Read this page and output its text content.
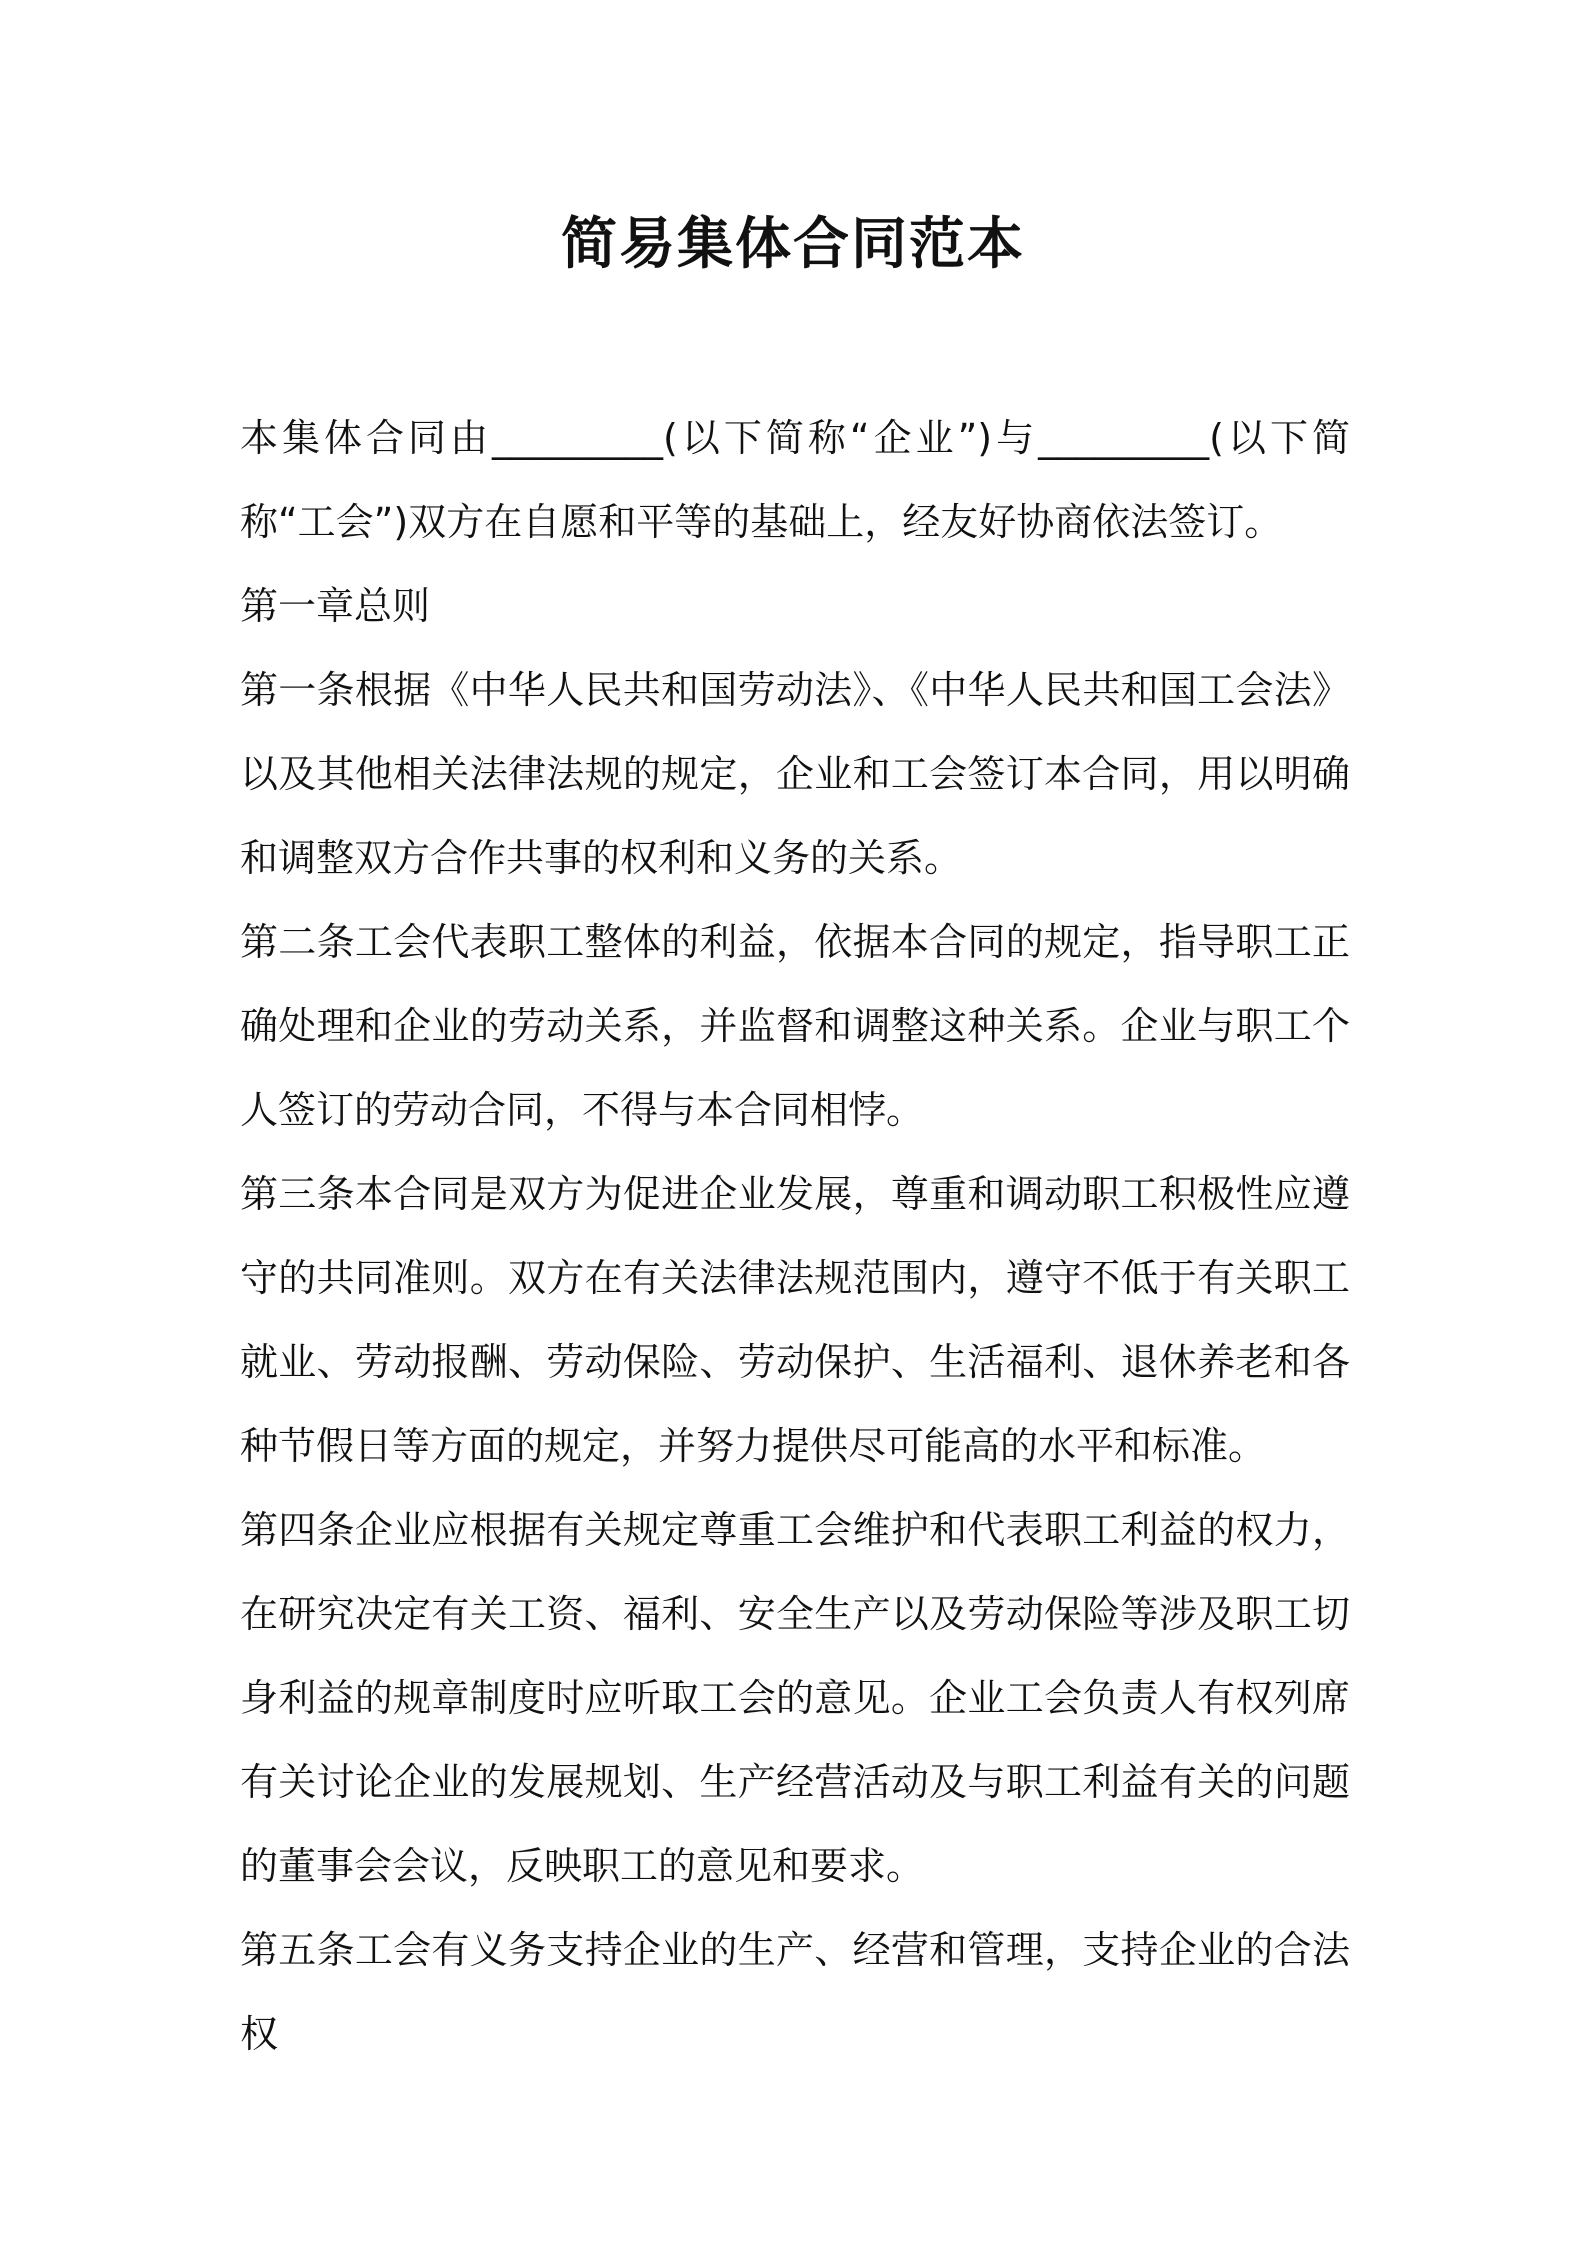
简易集体合同范本

本集体合同由_________(以下简称“企业”)与_________(以下简称“工会”)双方在自愿和平等的基础上，经友好协商依法签订。

第一章总则

第一条根据《中华人民共和国劳动法》、《中华人民共和国工会法》以及其他相关法律法规的规定，企业和工会签订本合同，用以明确和调整双方合作共事的权利和义务的关系。

第二条工会代表职工整体的利益，依据本合同的规定，指导职工正确处理和企业的劳动关系，并监督和调整这种关系。企业与职工个人签订的劳动合同，不得与本合同相悖。

第三条本合同是双方为促进企业发展，尊重和调动职工积极性应遵守的共同准则。双方在有关法律法规范围内，遵守不低于有关职工就业、劳动报酬、劳动保险、劳动保护、生活福利、退休养老和各种节假日等方面的规定，并努力提供尽可能高的水平和标准。

第四条企业应根据有关规定尊重工会维护和代表职工利益的权力，在研究决定有关工资、福利、安全生产以及劳动保险等涉及职工切身利益的规章制度时应听取工会的意见。企业工会负责人有权列席有关讨论企业的发展规划、生产经营活动及与职工利益有关的问题的董事会会议，反映职工的意见和要求。

第五条工会有义务支持企业的生产、经营和管理，支持企业的合法权
